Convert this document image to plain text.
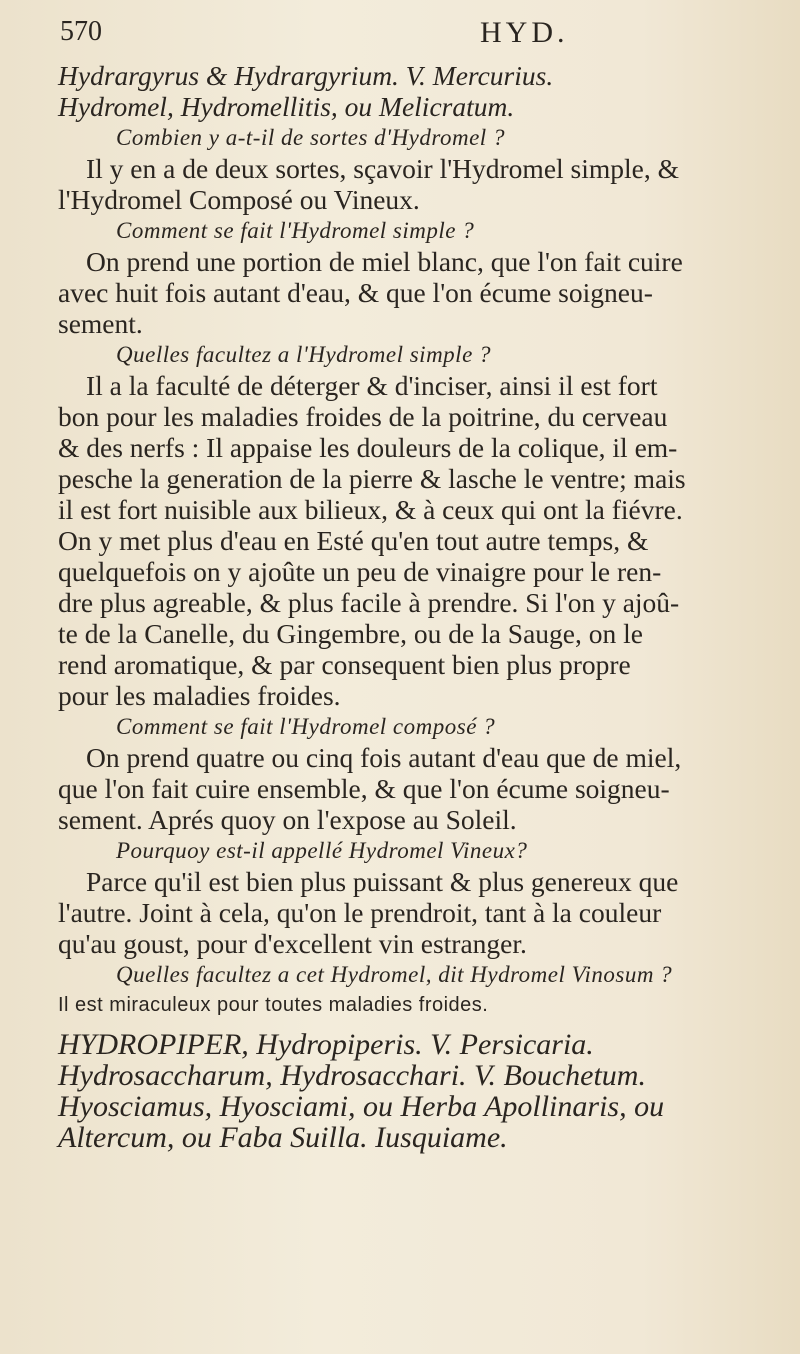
570	HYD.
Hydrargyrus & Hydrargyrium. V. Mercurius.
Hydromel, Hydromellitis, ou Melicratum.
Combien y a-t-il de sortes d'Hydromel ?
Il y en a de deux sortes, sçavoir l'Hydromel simple, &
l'Hydromel Composé ou Vineux.
Comment se fait l'Hydromel simple ?
On prend une portion de miel blanc, que l'on fait cuire
avec huit fois autant d'eau, & que l'on écume soigneu-
sement.
Quelles facultez a l'Hydromel simple ?
Il a la faculté de déterger & d'inciser, ainsi il est fort
bon pour les maladies froides de la poitrine, du cerveau
& des nerfs : Il appaise les douleurs de la colique, il em-
pesche la generation de la pierre & lasche le ventre; mais
il est fort nuisible aux bilieux, & à ceux qui ont la fiévre.
On y met plus d'eau en Esté qu'en tout autre temps, &
quelquefois on y ajoûte un peu de vinaigre pour le ren-
dre plus agreable, & plus facile à prendre. Si l'on y ajoû-
te de la Canelle, du Gingembre, ou de la Sauge, on le
rend aromatique, & par consequent bien plus propre
pour les maladies froides.
Comment se fait l'Hydromel composé ?
On prend quatre ou cinq fois autant d'eau que de miel,
que l'on fait cuire ensemble, & que l'on écume soigneu-
sement. Aprés quoy on l'expose au Soleil.
Pourquoy est-il appellé Hydromel Vineux?
Parce qu'il est bien plus puissant & plus genereux que
l'autre. Joint à cela, qu'on le prendroit, tant à la couleur
qu'au goust, pour d'excellent vin estranger.
Quelles facultez a cet Hydromel, dit Hydromel Vinosum ?
Il est miraculeux pour toutes maladies froides.
HYDROPIPER, Hydropiperis. V. Persicaria.
Hydrosaccharum, Hydrosacchari. V. Bouchetum.
Hyosciamus, Hyosciami, ou Herba Apollinaris, ou
Altercum, ou Faba Suilla. Iusquiame.
